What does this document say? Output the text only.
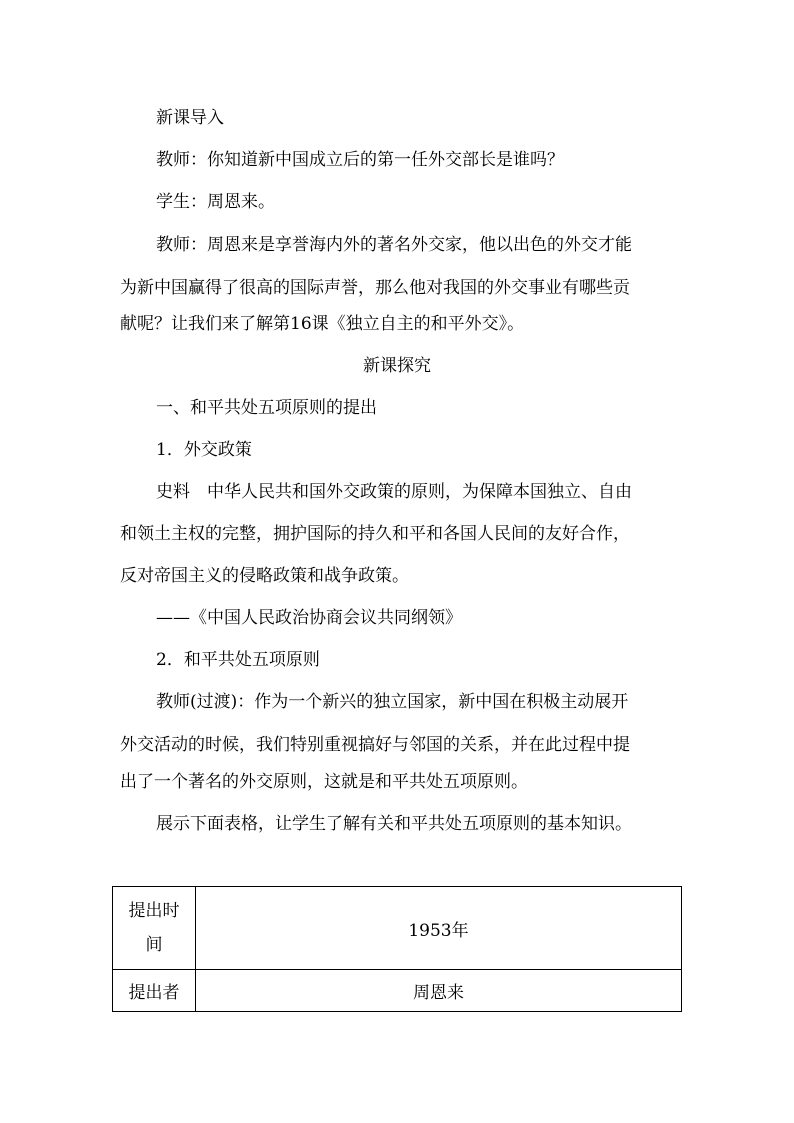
新课导入
教师：你知道新中国成立后的第一任外交部长是谁吗？
学生：周恩来。
教师：周恩来是享誉海内外的著名外交家，他以出色的外交才能
为新中国赢得了很高的国际声誉，那么他对我国的外交事业有哪些贡
献呢？让我们来了解第16课《独立自主的和平外交》。
新课探究
一、和平共处五项原则的提出
1．外交政策
史料　中华人民共和国外交政策的原则，为保障本国独立、自由
和领土主权的完整，拥护国际的持久和平和各国人民间的友好合作，
反对帝国主义的侵略政策和战争政策。
——《中国人民政治协商会议共同纲领》
2．和平共处五项原则
教师(过渡)：作为一个新兴的独立国家，新中国在积极主动展开
外交活动的时候，我们特别重视搞好与邻国的关系，并在此过程中提
出了一个著名的外交原则，这就是和平共处五项原则。
展示下面表格，让学生了解有关和平共处五项原则的基本知识。
提出时
间	1953年
提出者	周恩来
